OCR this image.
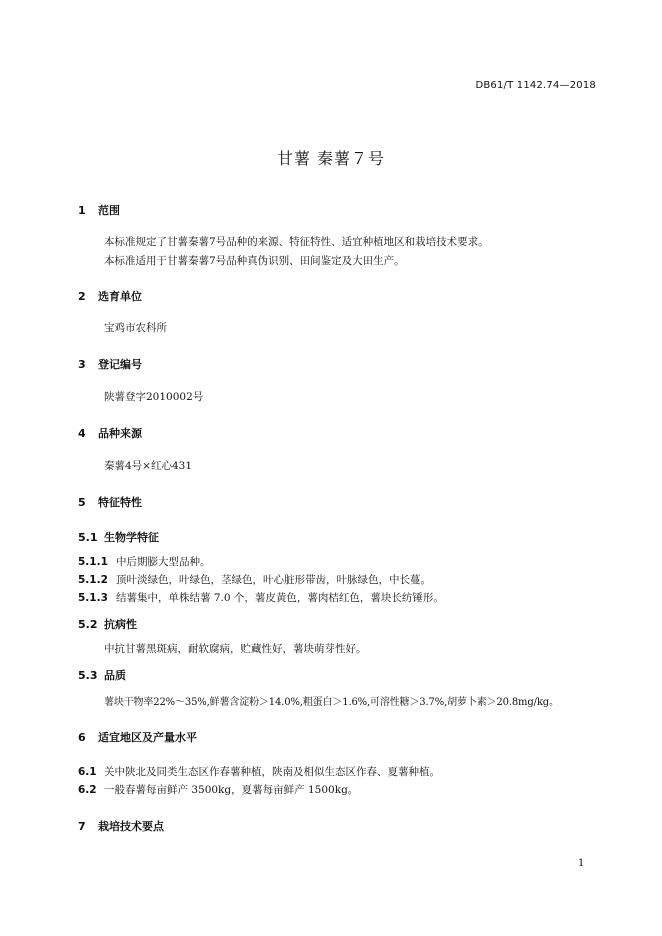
DB61/T 1142.74—2018
甘薯 秦薯７号
1 范围
本标准规定了甘薯秦薯7号品种的来源、特征特性、适宜种植地区和栽培技术要求。
本标准适用于甘薯秦薯7号品种真伪识别、田间鉴定及大田生产。
2 选育单位
宝鸡市农科所
3 登记编号
陕薯登字2010002号
4 品种来源
秦薯4号×红心431
5 特征特性
5.1 生物学特征
5.1.1 中后期膨大型品种。
5.1.2 顶叶淡绿色，叶绿色，茎绿色，叶心脏形带齿，叶脉绿色，中长蔓。
5.1.3 结薯集中，单株结薯 7.0 个，薯皮黄色，薯肉桔红色，薯块长纺锤形。
5.2 抗病性
中抗甘薯黑斑病，耐软腐病，贮藏性好，薯块萌芽性好。
5.3 品质
薯块干物率22%～35%,鲜薯含淀粉＞14.0%,粗蛋白＞1.6%,可溶性糖＞3.7%,胡萝卜素＞20.8mg/kg。
6 适宜地区及产量水平
6.1 关中陕北及同类生态区作春薯种植，陕南及相似生态区作春、夏薯种植。
6.2 一般春薯每亩鲜产 3500kg，夏薯每亩鲜产 1500kg。
7 栽培技术要点
1
